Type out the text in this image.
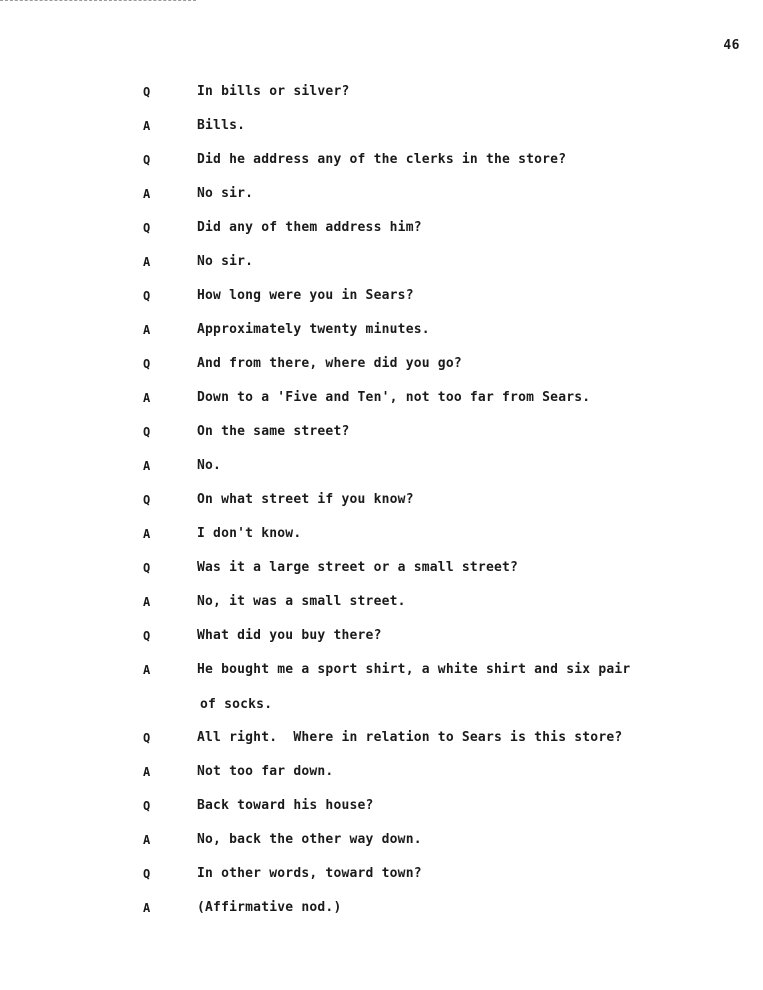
46
Q	In bills or silver?
A	Bills.
Q	Did he address any of the clerks in the store?
A	No sir.
Q	Did any of them address him?
A	No sir.
Q	How long were you in Sears?
A	Approximately twenty minutes.
Q	And from there, where did you go?
A	Down to a 'Five and Ten', not too far from Sears.
Q	On the same street?
A	No.
Q	On what street if you know?
A	I don't know.
Q	Was it a large street or a small street?
A	No, it was a small street.
Q	What did you buy there?
A	He bought me a sport shirt, a white shirt and six pair
of socks.
Q	All right.  Where in relation to Sears is this store?
A	Not too far down.
Q	Back toward his house?
A	No, back the other way down.
Q	In other words, toward town?
A	(Affirmative nod.)
